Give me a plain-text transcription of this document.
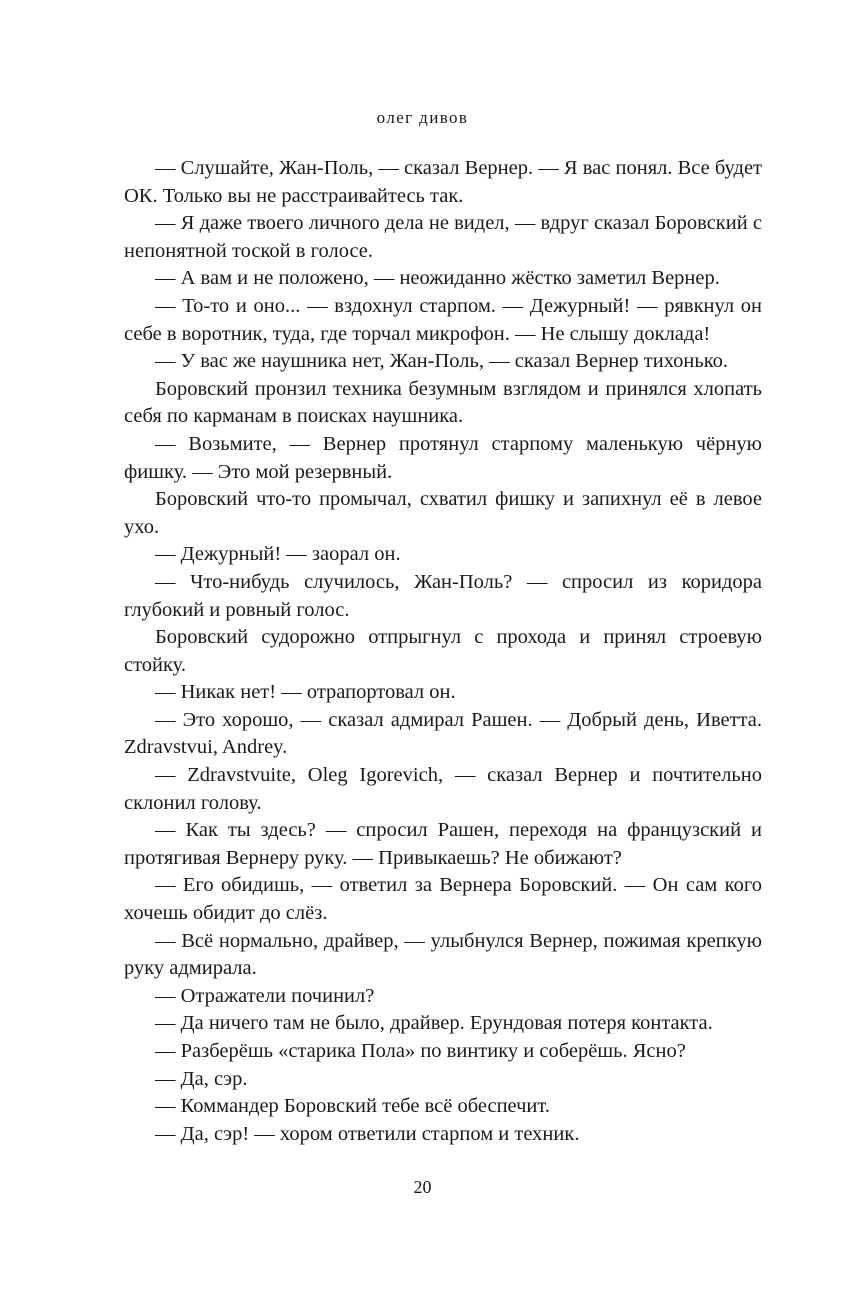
олег дивов

— Слушайте, Жан-Поль, — сказал Вернер. — Я вас понял. Все будет ОК. Только вы не расстраивайтесь так.

— Я даже твоего личного дела не видел, — вдруг сказал Боровский с непонятной тоской в голосе.

— А вам и не положено, — неожиданно жёстко заметил Вернер.

— То-то и оно... — вздохнул старпом. — Дежурный! — рявкнул он себе в воротник, туда, где торчал микрофон. — Не слышу доклада!

— У вас же наушника нет, Жан-Поль, — сказал Вернер тихонько.

Боровский пронзил техника безумным взглядом и принялся хлопать себя по карманам в поисках наушника.

— Возьмите, — Вернер протянул старпому маленькую чёрную фишку. — Это мой резервный.

Боровский что-то промычал, схватил фишку и запихнул её в левое ухо.

— Дежурный! — заорал он.

— Что-нибудь случилось, Жан-Поль? — спросил из коридора глубокий и ровный голос.

Боровский судорожно отпрыгнул с прохода и принял строевую стойку.

— Никак нет! — отрапортовал он.

— Это хорошо, — сказал адмирал Рашен. — Добрый день, Иветта. Zdravstvui, Andrey.

— Zdravstvuite, Oleg Igorevich, — сказал Вернер и почтительно склонил голову.

— Как ты здесь? — спросил Рашен, переходя на французский и протягивая Вернеру руку. — Привыкаешь? Не обижают?

— Его обидишь, — ответил за Вернера Боровский. — Он сам кого хочешь обидит до слёз.

— Всё нормально, драйвер, — улыбнулся Вернер, пожимая крепкую руку адмирала.

— Отражатели починил?

— Да ничего там не было, драйвер. Ерундовая потеря контакта.

— Разберёшь «старика Пола» по винтику и соберёшь. Ясно?

— Да, сэр.

— Коммандер Боровский тебе всё обеспечит.

— Да, сэр! — хором ответили старпом и техник.

20
